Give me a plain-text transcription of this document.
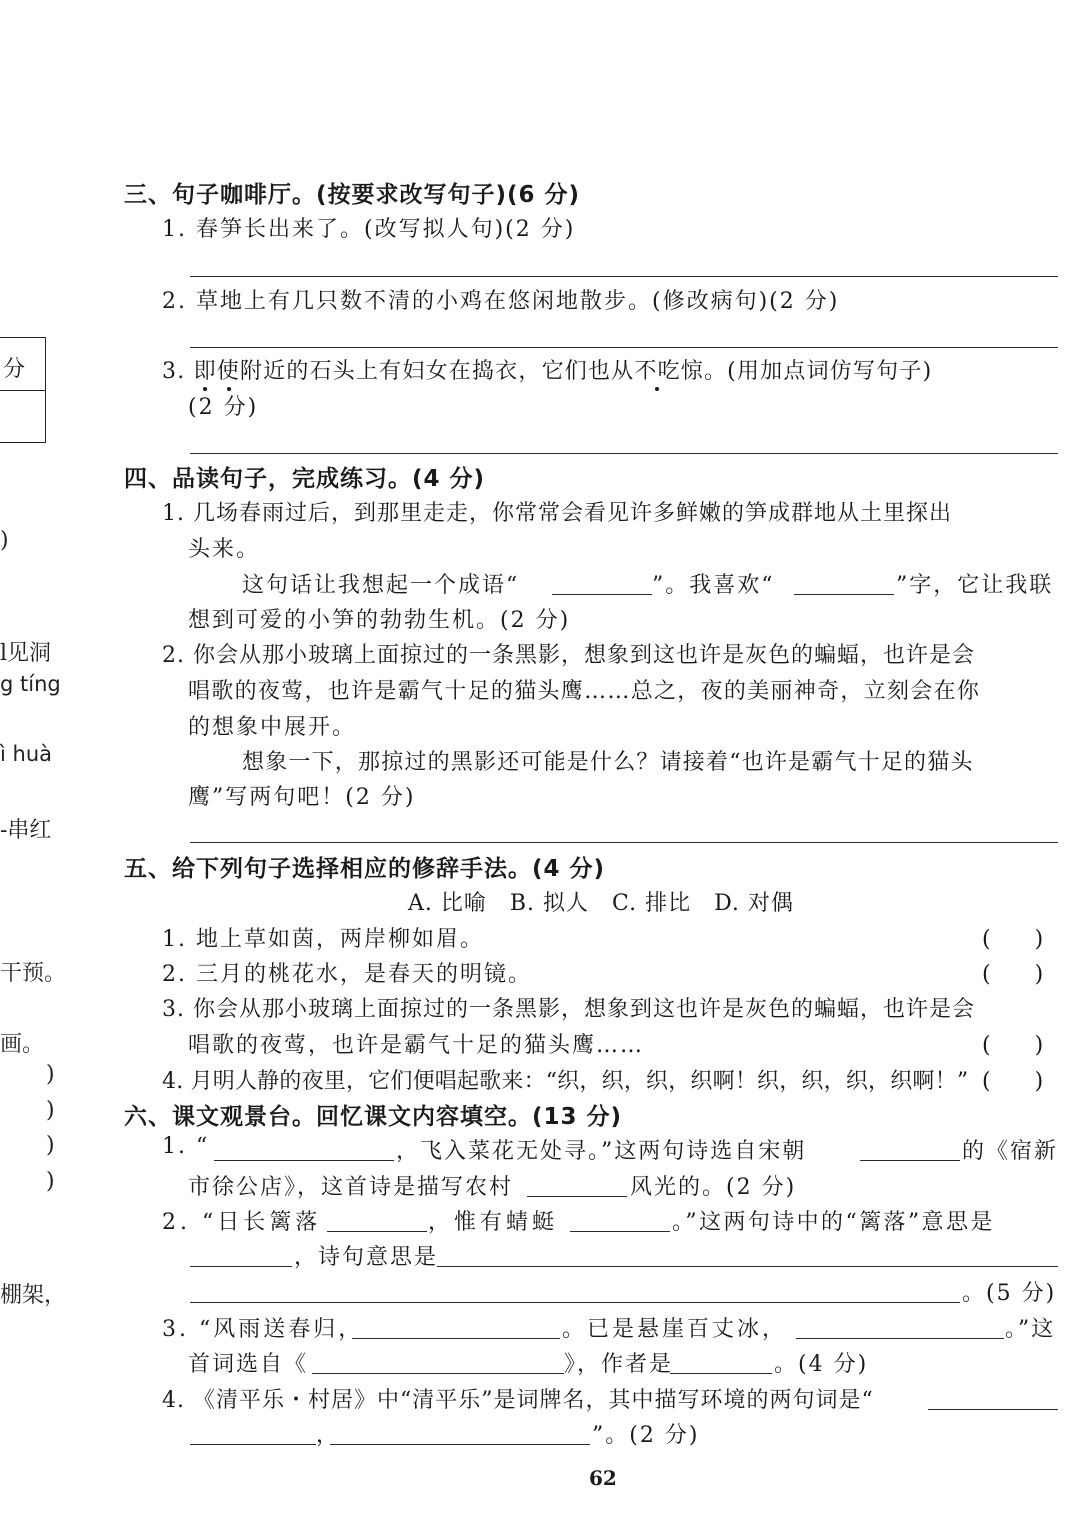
分
)
l见洞
g tíng
ì huà
-串红
干预。
画。
)
)
)
)
棚架，
三、句子咖啡厅。(按要求改写句子)(6 分)
1. 春笋长出来了。(改写拟人句)(2 分)
2. 草地上有几只数不清的小鸡在悠闲地散步。(修改病句)(2 分)
3. 即使附近的石头上有妇女在捣衣，它们也从不吃惊。(用加点词仿写句子)
(2 分)
四、品读句子，完成练习。(4 分)
1. 几场春雨过后，到那里走走，你常常会看见许多鲜嫩的笋成群地从土里探出
头来。
这句话让我想起一个成语“	”。我喜欢“	”字，它让我联
想到可爱的小笋的勃勃生机。(2 分)
2. 你会从那小玻璃上面掠过的一条黑影，想象到这也许是灰色的蝙蝠，也许是会
唱歌的夜莺，也许是霸气十足的猫头鹰……总之，夜的美丽神奇，立刻会在你
的想象中展开。
想象一下，那掠过的黑影还可能是什么？请接着“也许是霸气十足的猫头
鹰”写两句吧！(2 分)
五、给下列句子选择相应的修辞手法。(4 分)
A. 比喻　B. 拟人　C. 排比　D. 对偶
1. 地上草如茵，两岸柳如眉。	(　　)
2. 三月的桃花水，是春天的明镜。	(　　)
3. 你会从那小玻璃上面掠过的一条黑影，想象到这也许是灰色的蝙蝠，也许是会
唱歌的夜莺，也许是霸气十足的猫头鹰……	(　　)
4. 月明人静的夜里，它们便唱起歌来：“织，织，织，织啊！织，织，织，织啊！” (　　)
六、课文观景台。回忆课文内容填空。(13 分)
1. “	，飞入菜花无处寻。”这两句诗选自宋朝	的《宿新
市徐公店》，这首诗是描写农村	风光的。(2 分)
2. “日长篱落	，惟有蜻蜓	。”这两句诗中的“篱落”意思是
，诗句意思是
。(5 分)
3. “风雨送春归，	。已是悬崖百丈冰，	。”这
首词选自《	》，作者是	。(4 分)
4. 《清平乐・村居》中“清平乐”是词牌名，其中描写环境的两句词是“
，	”。(2 分)
62
